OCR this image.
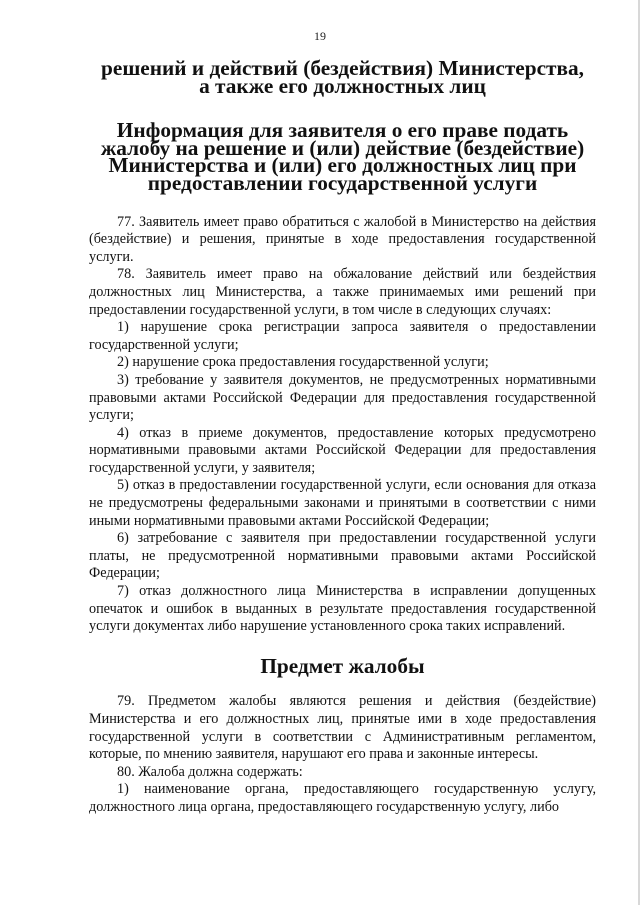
19
решений и действий (бездействия) Министерства, а также его должностных лиц
Информация для заявителя о его праве подать жалобу на решение и (или) действие (бездействие) Министерства и (или) его должностных лиц при предоставлении государственной услуги

77. Заявитель имеет право обратиться с жалобой в Министерство на действия (бездействие) и решения, принятые в ходе предоставления государственной услуги.

78. Заявитель имеет право на обжалование действий или бездействия должностных лиц Министерства, а также принимаемых ими решений при предоставлении государственной услуги, в том числе в следующих случаях:

1) нарушение срока регистрации запроса заявителя о предоставлении государственной услуги;

2) нарушение срока предоставления государственной услуги;

3) требование у заявителя документов, не предусмотренных нормативными правовыми актами Российской Федерации для предоставления государственной услуги;

4) отказ в приеме документов, предоставление которых предусмотрено нормативными правовыми актами Российской Федерации для предоставления государственной услуги, у заявителя;

5) отказ в предоставлении государственной услуги, если основания для отказа не предусмотрены федеральными законами и принятыми в соответствии с ними иными нормативными правовыми актами Российской Федерации;

6) затребование с заявителя при предоставлении государственной услуги платы, не предусмотренной нормативными правовыми актами Российской Федерации;

7) отказ должностного лица Министерства в исправлении допущенных опечаток и ошибок в выданных в результате предоставления государственной услуги документах либо нарушение установленного срока таких исправлений.

Предмет жалобы

79. Предметом жалобы являются решения и действия (бездействие) Министерства и его должностных лиц, принятые ими в ходе предоставления государственной услуги в соответствии с Административным регламентом, которые, по мнению заявителя, нарушают его права и законные интересы.

80. Жалоба должна содержать:

1) наименование органа, предоставляющего государственную услугу, должностного лица органа, предоставляющего государственную услугу, либо
